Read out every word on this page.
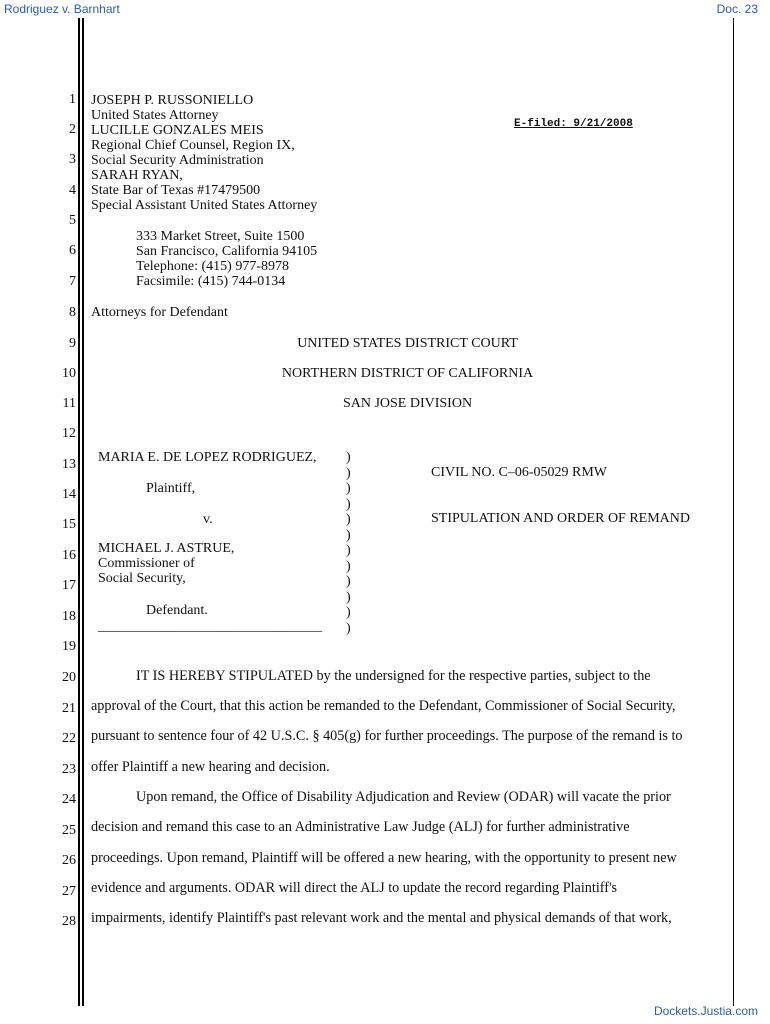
Rodriguez v. Barnhart	Doc. 23
1
2
3
4
5
6
7
8
9
10
11
12
13
14
15
16
17
18
19
20
21
22
23
24
25
26
27
28
JOSEPH P. RUSSONIELLO
United States Attorney
LUCILLE GONZALES MEIS
Regional Chief Counsel, Region IX,
Social Security Administration
SARAH RYAN,
State Bar of Texas #17479500
Special Assistant United States Attorney
333 Market Street, Suite 1500
San Francisco, California 94105
Telephone: (415) 977-8978
Facsimile: (415) 744-0134
Attorneys for Defendant
E-filed: 9/21/2008
UNITED STATES DISTRICT COURT
NORTHERN DISTRICT OF CALIFORNIA
SAN JOSE DIVISION
MARIA E. DE LOPEZ RODRIGUEZ,
Plaintiff,
v.
MICHAEL J. ASTRUE,
Commissioner of
Social Security,
Defendant.
________________________________
)
)
)
)
)
)
)
)
)
)
)
)
CIVIL NO. C–06-05029 RMW
STIPULATION AND ORDER OF REMAND
IT IS HEREBY STIPULATED by the undersigned for the respective parties, subject to the
approval of the Court, that this action be remanded to the Defendant, Commissioner of Social Security,
pursuant to sentence four of 42 U.S.C. § 405(g) for further proceedings. The purpose of the remand is to
offer Plaintiff a new hearing and decision.
Upon remand, the Office of Disability Adjudication and Review (ODAR) will vacate the prior
decision and remand this case to an Administrative Law Judge (ALJ) for further administrative
proceedings. Upon remand, Plaintiff will be offered a new hearing, with the opportunity to present new
evidence and arguments. ODAR will direct the ALJ to update the record regarding Plaintiff's
impairments, identify Plaintiff's past relevant work and the mental and physical demands of that work,
Dockets.Justia.com
